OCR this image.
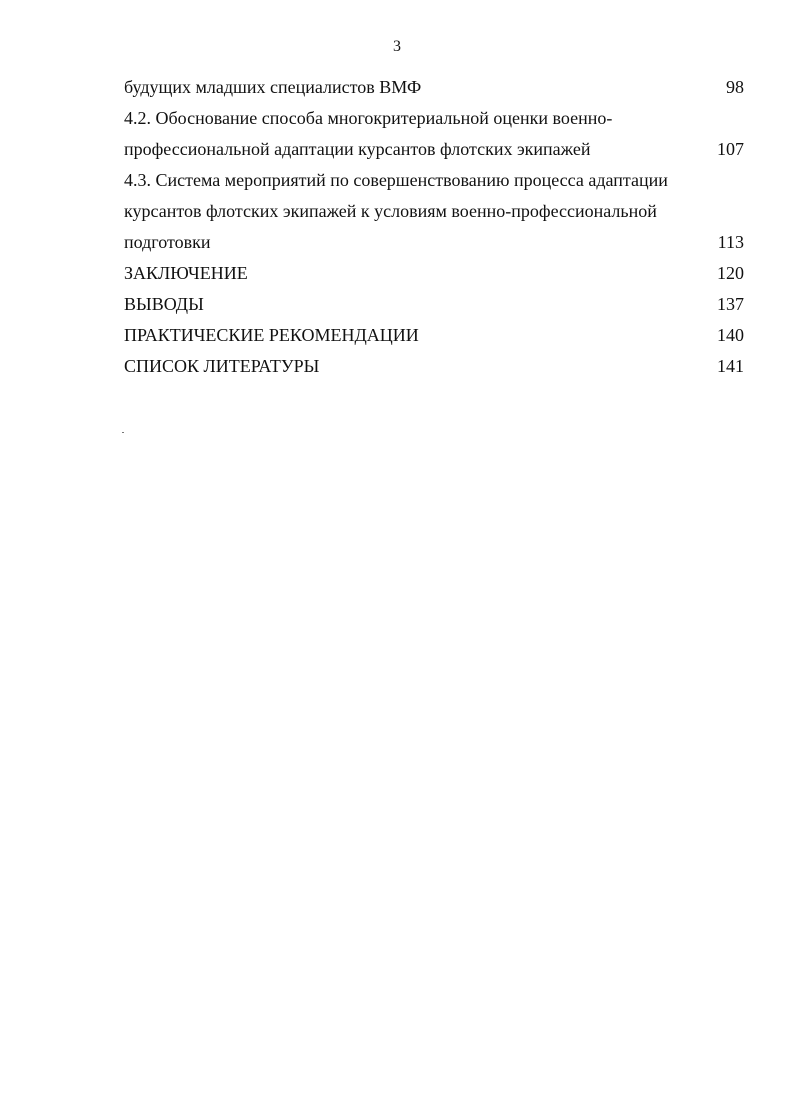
3
будущих младших специалистов ВМФ	98
4.2. Обоснование способа многокритериальной оценки военно-
профессиональной адаптации курсантов флотских экипажей	107
4.3. Система мероприятий по совершенствованию процесса адаптации
курсантов флотских экипажей к условиям военно-профессиональной
подготовки	113
ЗАКЛЮЧЕНИЕ	120
ВЫВОДЫ	137
ПРАКТИЧЕСКИЕ РЕКОМЕНДАЦИИ	140
СПИСОК ЛИТЕРАТУРЫ	141
